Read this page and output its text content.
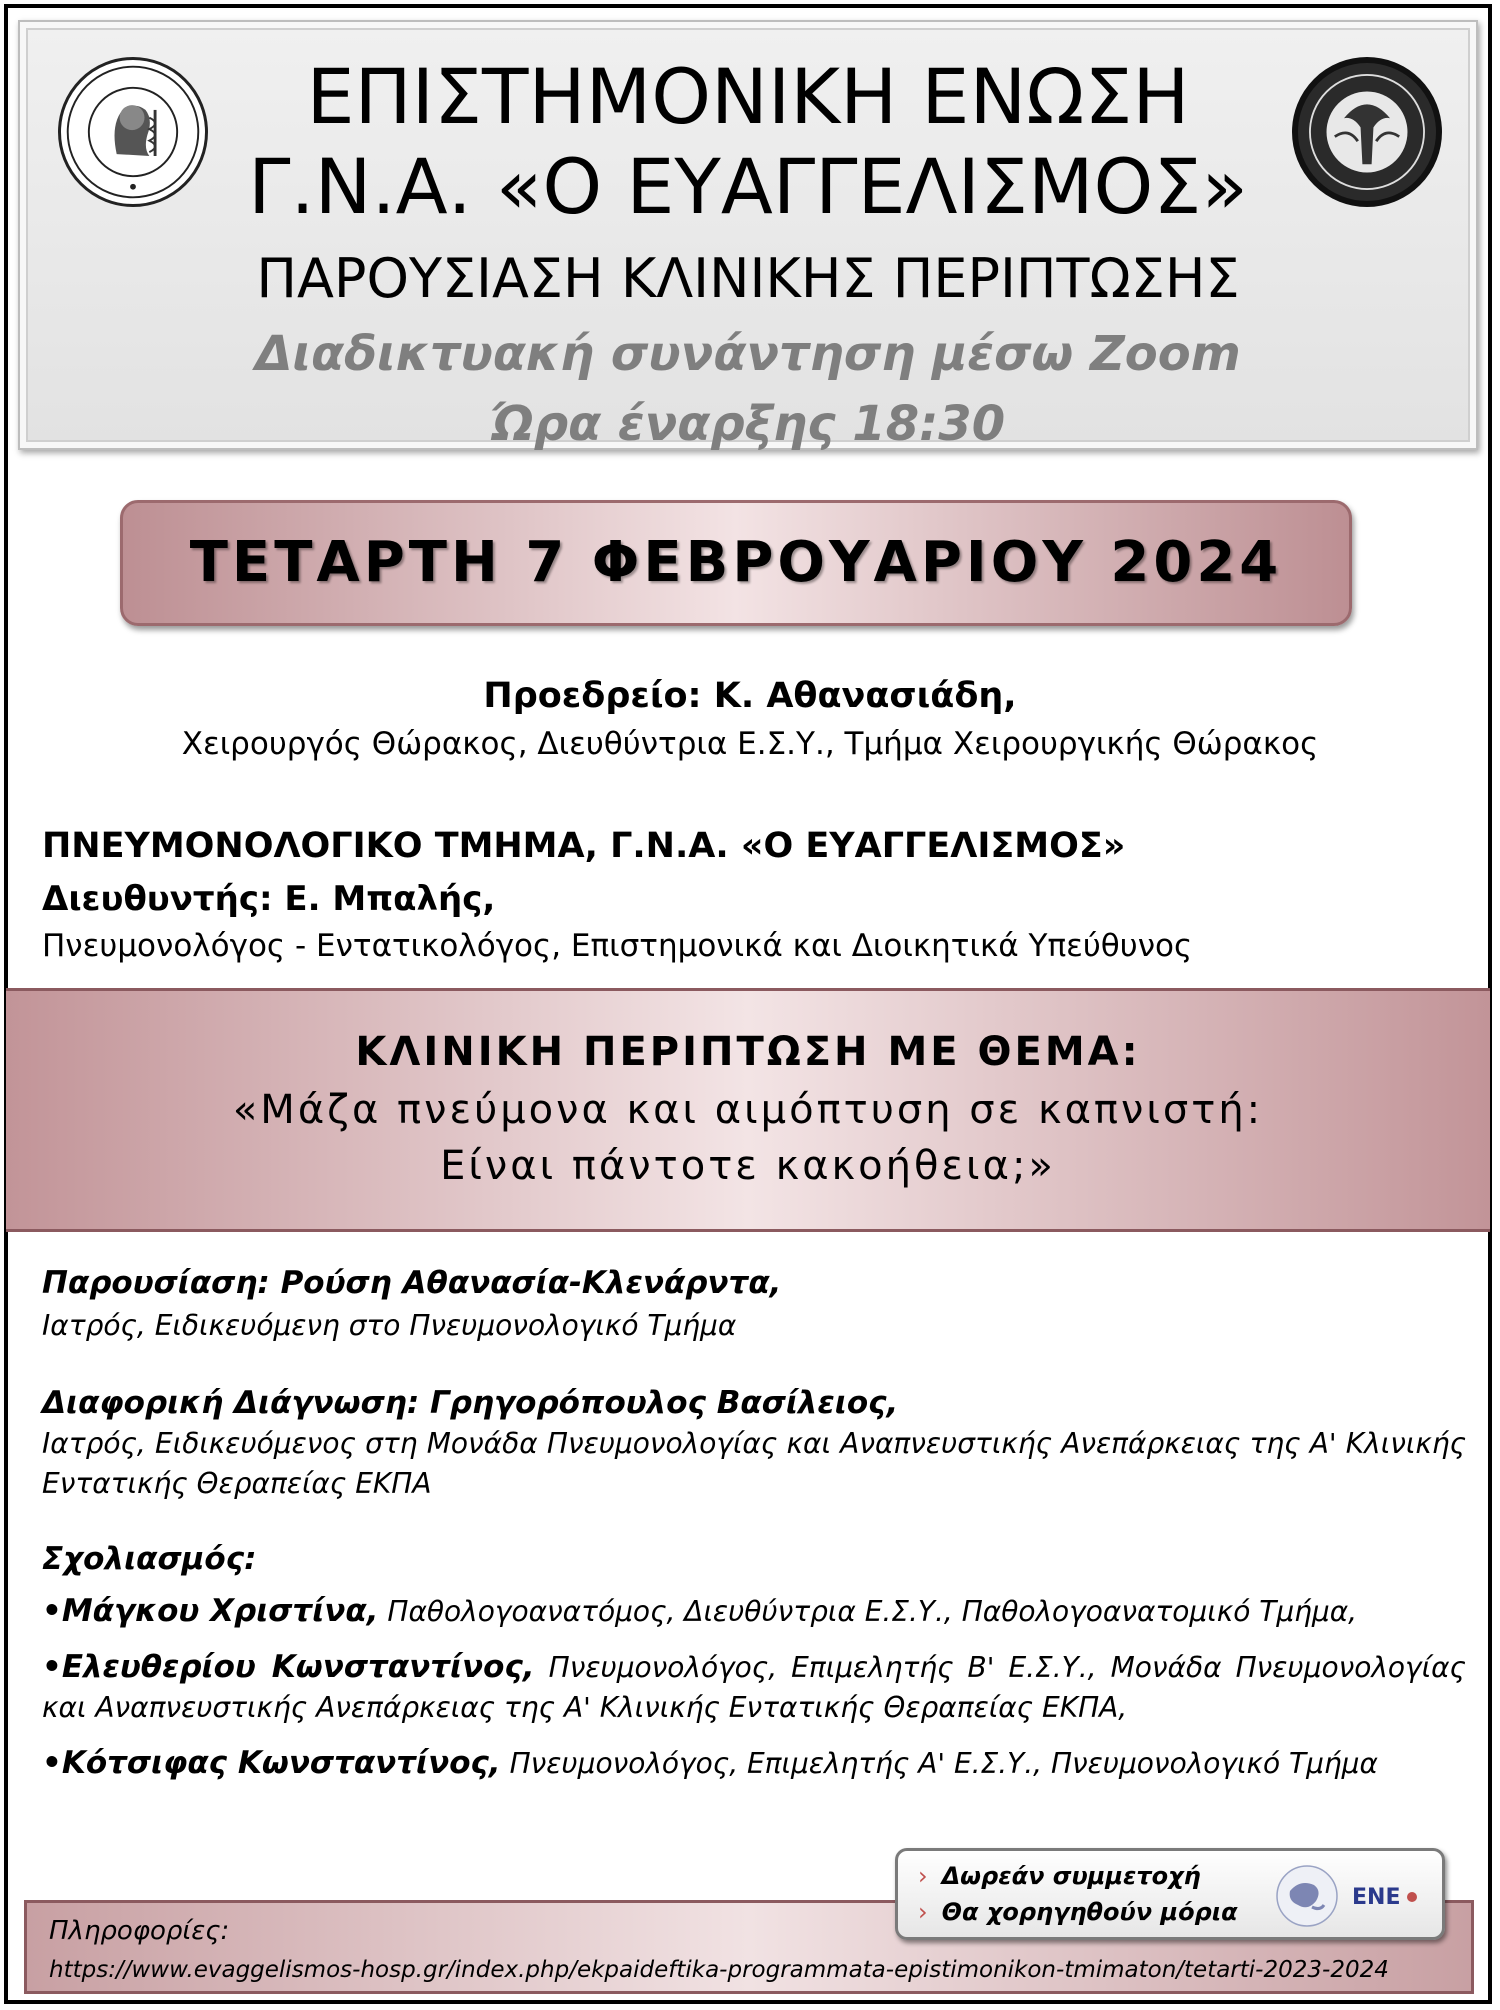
ΕΠΙΣΤΗΜΟΝΙΚΗ ΕΝΩΣΗ
Γ.Ν.Α. «Ο ΕΥΑΓΓΕΛΙΣΜΟΣ»
ΠΑΡΟΥΣΙΑΣΗ ΚΛΙΝΙΚΗΣ ΠΕΡΙΠΤΩΣΗΣ
Διαδικτυακή συνάντηση μέσω Zoom
Ώρα έναρξης 18:30
ΤΕΤΑΡΤΗ 7 ΦΕΒΡΟΥΑΡΙΟΥ 2024
Προεδρείο: Κ. Αθανασιάδη,
Χειρουργός Θώρακος, Διευθύντρια Ε.Σ.Υ., Τμήμα Χειρουργικής Θώρακος
ΠΝΕΥΜΟΝΟΛΟΓΙΚΟ ΤΜΗΜΑ, Γ.Ν.Α. «Ο ΕΥΑΓΓΕΛΙΣΜΟΣ»
Διευθυντής: Ε. Μπαλής,
Πνευμονολόγος - Εντατικολόγος, Επιστημονικά και Διοικητικά Υπεύθυνος
ΚΛΙΝΙΚΗ ΠΕΡΙΠΤΩΣΗ ΜΕ ΘΕΜΑ:
«Μάζα πνεύμονα και αιμόπτυση σε καπνιστή:
Είναι πάντοτε κακοήθεια;»
Παρουσίαση: Ρούση Αθανασία-Κλενάρντα,
Ιατρός, Ειδικευόμενη στο Πνευμονολογικό Τμήμα
Διαφορική Διάγνωση: Γρηγορόπουλος Βασίλειος,
Ιατρός, Ειδικευόμενος στη Μονάδα Πνευμονολογίας και Αναπνευστικής Ανεπάρκειας της Α' Κλινικής Εντατικής Θεραπείας ΕΚΠΑ
Σχολιασμός:
•Μάγκου Χριστίνα, Παθολογοανατόμος, Διευθύντρια Ε.Σ.Υ., Παθολογοανατομικό Τμήμα,
•Ελευθερίου Κωνσταντίνος, Πνευμονολόγος, Επιμελητής Β' Ε.Σ.Υ., Μονάδα Πνευμονολογίας και Αναπνευστικής Ανεπάρκειας της Α' Κλινικής Εντατικής Θεραπείας ΕΚΠΑ,
•Κότσιφας Κωνσταντίνος, Πνευμονολόγος, Επιμελητής Α' Ε.Σ.Υ., Πνευμονολογικό Τμήμα
Πληροφορίες:
https://www.evaggelismos-hosp.gr/index.php/ekpaideftika-programmata-epistimonikon-tmimaton/tetarti-2023-2024
› Δωρεάν συμμετοχή
› Θα χορηγηθούν μόρια
ENE
